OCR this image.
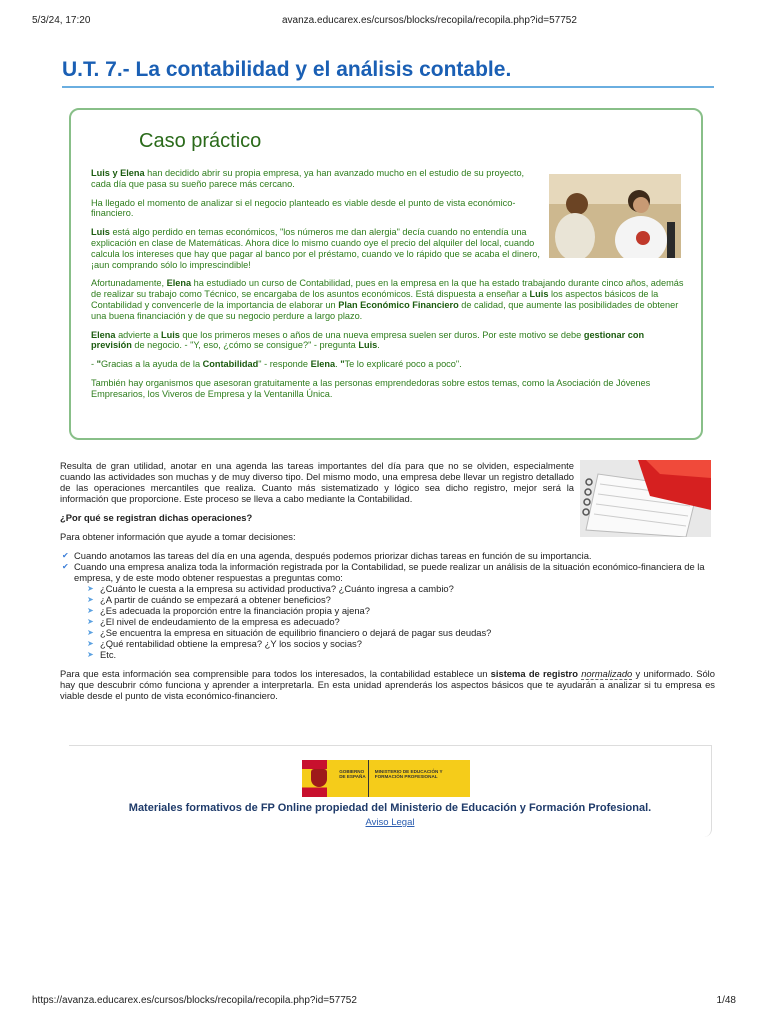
5/3/24, 17:20	avanza.educarex.es/cursos/blocks/recopila/recopila.php?id=57752
U.T. 7.- La contabilidad y el análisis contable.
Caso práctico

Luis y Elena han decidido abrir su propia empresa, ya han avanzado mucho en el estudio de su proyecto, cada día que pasa su sueño parece más cercano.

Ha llegado el momento de analizar si el negocio planteado es viable desde el punto de vista económico-financiero.

Luis está algo perdido en temas económicos, "los números me dan alergia" decía cuando no entendía una explicación en clase de Matemáticas. Ahora dice lo mismo cuando oye el precio del alquiler del local, cuando calcula los intereses que hay que pagar al banco por el préstamo, cuando ve lo rápido que se acaba el dinero, ¡aun comprando sólo lo imprescindible!

Afortunadamente, Elena ha estudiado un curso de Contabilidad, pues en la empresa en la que ha estado trabajando durante cinco años, además de realizar su trabajo como Técnico, se encargaba de los asuntos económicos. Está dispuesta a enseñar a Luis los aspectos básicos de la Contabilidad y convencerle de la importancia de elaborar un Plan Económico Financiero de calidad, que aumente las posibilidades de obtener una buena financiación y de que su negocio perdure a largo plazo.

Elena advierte a Luis que los primeros meses o años de una nueva empresa suelen ser duros. Por este motivo se debe gestionar con previsión de negocio. - "Y, eso, ¿cómo se consigue?" - pregunta Luis.

- "Gracias a la ayuda de la Contabilidad" - responde Elena. "Te lo explicaré poco a poco".

También hay organismos que asesoran gratuitamente a las personas emprendedoras sobre estos temas, como la Asociación de Jóvenes Empresarios, los Viveros de Empresa y la Ventanilla Única.

Resulta de gran utilidad, anotar en una agenda las tareas importantes del día para que no se olviden, especialmente cuando las actividades son muchas y de muy diverso tipo. Del mismo modo, una empresa debe llevar un registro detallado de las operaciones mercantiles que realiza. Cuanto más sistematizado y lógico sea dicho registro, mejor será la información que proporcione. Este proceso se lleva a cabo mediante la Contabilidad.

¿Por qué se registran dichas operaciones?

Para obtener información que ayude a tomar decisiones:

✔ Cuando anotamos las tareas del día en una agenda, después podemos priorizar dichas tareas en función de su importancia.
✔ Cuando una empresa analiza toda la información registrada por la Contabilidad, se puede realizar un análisis de la situación económico-financiera de la empresa, y de este modo obtener respuestas a preguntas como:
➤ ¿Cuánto le cuesta a la empresa su actividad productiva? ¿Cuánto ingresa a cambio?
➤ ¿A partir de cuándo se empezará a obtener beneficios?
➤ ¿Es adecuada la proporción entre la financiación propia y ajena?
➤ ¿El nivel de endeudamiento de la empresa es adecuado?
➤ ¿Se encuentra la empresa en situación de equilibrio financiero o dejará de pagar sus deudas?
➤ ¿Qué rentabilidad obtiene la empresa? ¿Y los socios y socias?
➤ Etc.

Para que esta información sea comprensible para todos los interesados, la contabilidad establece un sistema de registro normalizado y uniformado. Sólo hay que descubrir cómo funciona y aprender a interpretarla. En esta unidad aprenderás los aspectos básicos que te ayudarán a analizar si tu empresa es viable desde el punto de vista económico-financiero.

GOBIERNO DE ESPAÑA
MINISTERIO DE EDUCACIÓN Y FORMACIÓN PROFESIONAL
Materiales formativos de FP Online propiedad del Ministerio de Educación y Formación Profesional.
Aviso Legal
https://avanza.educarex.es/cursos/blocks/recopila/recopila.php?id=57752	1/48
